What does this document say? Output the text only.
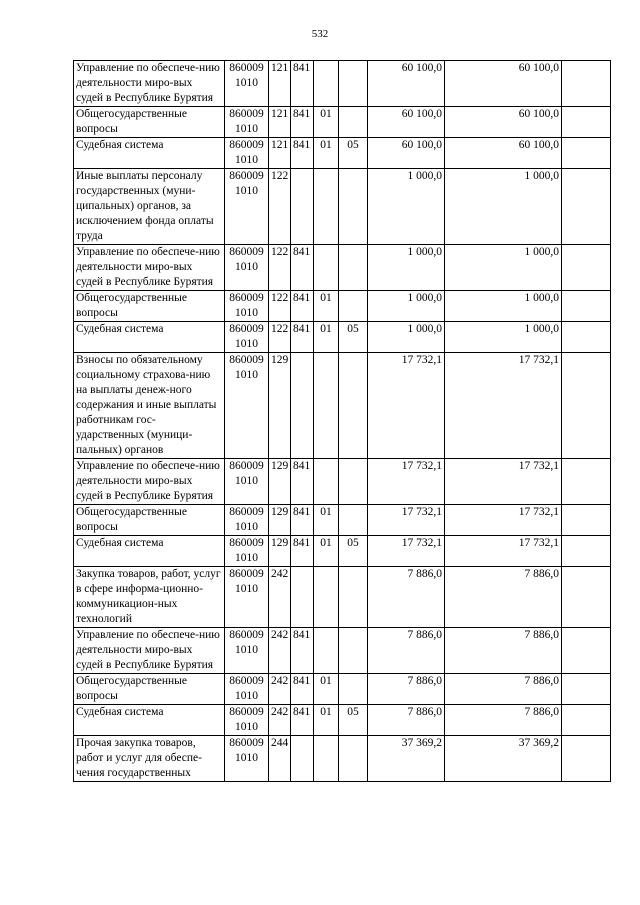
532
Управление по обеспече-нию деятельности миро-вых судей в Республике Бурятия	860009 1010	121	841			60 100,0	60 100,0	
Общегосударственные вопросы	860009 1010	121	841	01		60 100,0	60 100,0	
Судебная система	860009 1010	121	841	01	05	60 100,0	60 100,0	
Иные выплаты персоналу государственных (муни-ципальных) органов, за исключением фонда оплаты труда	860009 1010	122				1 000,0	1 000,0	
Управление по обеспече-нию деятельности миро-вых судей в Республике Бурятия	860009 1010	122	841			1 000,0	1 000,0	
Общегосударственные вопросы	860009 1010	122	841	01		1 000,0	1 000,0	
Судебная система	860009 1010	122	841	01	05	1 000,0	1 000,0	
Взносы по обязательному социальному страхова-нию на выплаты денеж-ного содержания и иные выплаты работникам гос-ударственных (муници-пальных) органов	860009 1010	129				17 732,1	17 732,1	
Управление по обеспече-нию деятельности миро-вых судей в Республике Бурятия	860009 1010	129	841			17 732,1	17 732,1	
Общегосударственные вопросы	860009 1010	129	841	01		17 732,1	17 732,1	
Судебная система	860009 1010	129	841	01	05	17 732,1	17 732,1	
Закупка товаров, работ, услуг в сфере информа-ционно-коммуникацион-ных технологий	860009 1010	242				7 886,0	7 886,0	
Управление по обеспече-нию деятельности миро-вых судей в Республике Бурятия	860009 1010	242	841			7 886,0	7 886,0	
Общегосударственные вопросы	860009 1010	242	841	01		7 886,0	7 886,0	
Судебная система	860009 1010	242	841	01	05	7 886,0	7 886,0	
Прочая закупка товаров, работ и услуг для обеспе-чения государственных	860009 1010	244				37 369,2	37 369,2	
